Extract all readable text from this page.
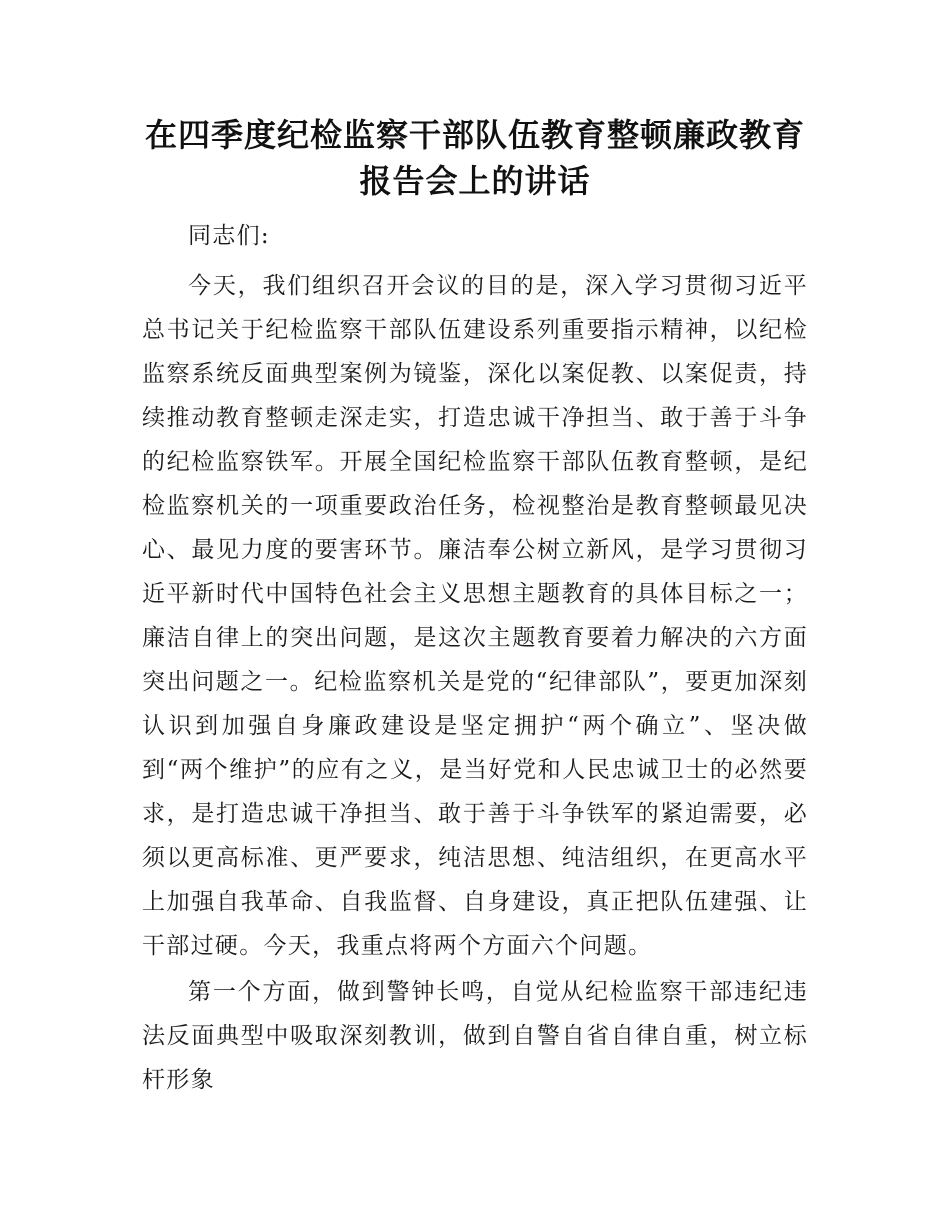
在四季度纪检监察干部队伍教育整顿廉政教育
报告会上的讲话

同志们:

今天，我们组织召开会议的目的是，深入学习贯彻习近平总书记关于纪检监察干部队伍建设系列重要指示精神，以纪检监察系统反面典型案例为镜鉴，深化以案促教、以案促责，持续推动教育整顿走深走实，打造忠诚干净担当、敢于善于斗争的纪检监察铁军。开展全国纪检监察干部队伍教育整顿，是纪检监察机关的一项重要政治任务，检视整治是教育整顿最见决心、最见力度的要害环节。廉洁奉公树立新风，是学习贯彻习近平新时代中国特色社会主义思想主题教育的具体目标之一；廉洁自律上的突出问题，是这次主题教育要着力解决的六方面突出问题之一。纪检监察机关是党的“纪律部队”，要更加深刻认识到加强自身廉政建设是坚定拥护“两个确立”、坚决做到“两个维护”的应有之义，是当好党和人民忠诚卫士的必然要求，是打造忠诚干净担当、敢于善于斗争铁军的紧迫需要，必须以更高标准、更严要求，纯洁思想、纯洁组织，在更高水平上加强自我革命、自我监督、自身建设，真正把队伍建强、让干部过硬。今天，我重点将两个方面六个问题。

第一个方面，做到警钟长鸣，自觉从纪检监察干部违纪违法反面典型中吸取深刻教训，做到自警自省自律自重，树立标杆形象
